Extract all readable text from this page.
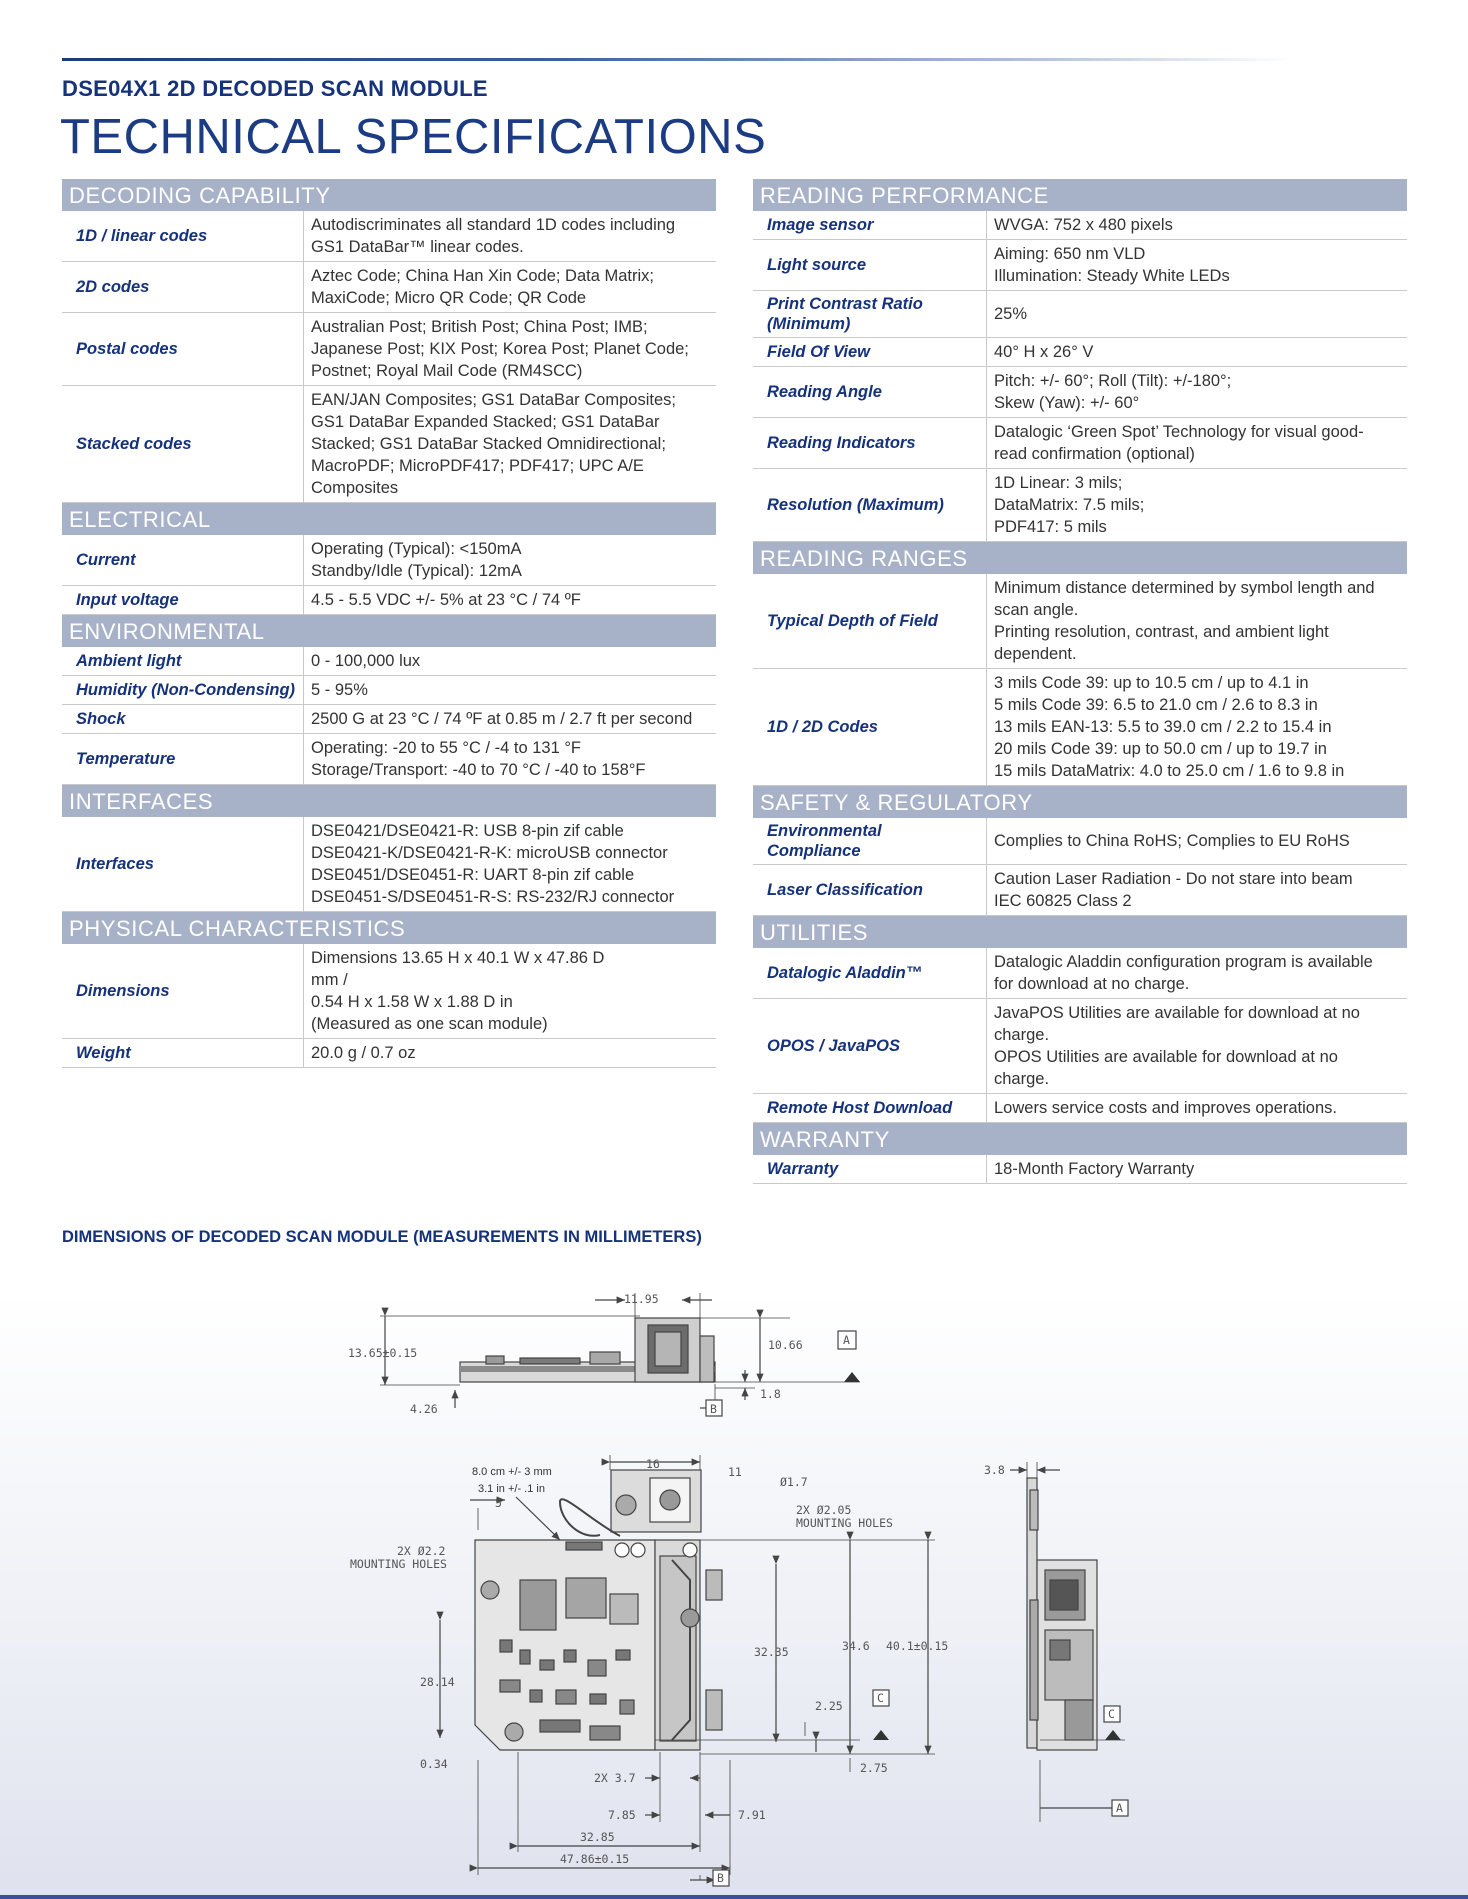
DSE04X1 2D DECODED SCAN MODULE
TECHNICAL SPECIFICATIONS
DECODING CAPABILITY
1D / linear codes	Autodiscriminates all standard 1D codes including
GS1 DataBar™ linear codes.

2D codes	Aztec Code; China Han Xin Code; Data Matrix;
MaxiCode; Micro QR Code; QR Code

Postal codes	Australian Post; British Post; China Post; IMB;
Japanese Post; KIX Post; Korea Post; Planet Code;
Postnet; Royal Mail Code (RM4SCC)

Stacked codes	EAN/JAN Composites; GS1 DataBar Composites;
GS1 DataBar Expanded Stacked; GS1 DataBar
Stacked; GS1 DataBar Stacked Omnidirectional;
MacroPDF; MicroPDF417; PDF417; UPC A/E
Composites
ELECTRICAL
Current	Operating (Typical): <150mA
Standby/Idle (Typical): 12mA

Input voltage	4.5 - 5.5 VDC +/- 5% at 23 °C / 74 ºF
ENVIRONMENTAL
Ambient light	0 - 100,000 lux

Humidity (Non-Condensing)	5 - 95%

Shock	2500 G at 23 °C / 74 ºF at 0.85 m / 2.7 ft per second

Temperature	Operating: -20 to 55 °C / -4 to 131 °F
Storage/Transport: -40 to 70 °C / -40 to 158°F
INTERFACES
Interfaces	
DSE0421/DSE0421-R: USB 8-pin zif cable
DSE0421-K/DSE0421-R-K: microUSB connector
DSE0451/DSE0451-R: UART 8-pin zif cable
DSE0451-S/DSE0451-R-S: RS-232/RJ connector
PHYSICAL CHARACTERISTICS
Dimensions	Dimensions 13.65 H x 40.1 W x 47.86 D
mm /
0.54 H x 1.58 W x 1.88 D in
(Measured as one scan module)

Weight	20.0 g / 0.7 oz
READING PERFORMANCE
Image sensor	WVGA: 752 x 480 pixels

Light source	Aiming: 650 nm VLD
Illumination: Steady White LEDs

Print Contrast Ratio (Minimum)	25%

Field Of View	40° H x 26° V

Reading Angle	Pitch: +/- 60°; Roll (Tilt): +/-180°;
Skew (Yaw): +/- 60°

Reading Indicators	Datalogic ‘Green Spot’ Technology for visual good-
read confirmation (optional)

Resolution (Maximum)	1D Linear: 3 mils;
DataMatrix: 7.5 mils;
PDF417: 5 mils
READING RANGES
Typical Depth of Field	Minimum distance determined by symbol length and
scan angle.
Printing resolution, contrast, and ambient light
dependent.

1D / 2D Codes	3 mils Code 39: up to 10.5 cm / up to 4.1 in
5 mils Code 39: 6.5 to 21.0 cm / 2.6 to 8.3 in
13 mils EAN-13: 5.5 to 39.0 cm / 2.2 to 15.4 in
20 mils Code 39: up to 50.0 cm / up to 19.7 in
15 mils DataMatrix: 4.0 to 25.0 cm / 1.6 to 9.8 in
SAFETY & REGULATORY
Environmental Compliance	Complies to China RoHS; Complies to EU RoHS

Laser Classification	Caution Laser Radiation - Do not stare into beam
IEC 60825 Class 2
UTILITIES
Datalogic Aladdin™	Datalogic Aladdin configuration program is available
for download at no charge.

OPOS / JavaPOS	JavaPOS Utilities are available for download at no
charge.
OPOS Utilities are available for download at no
charge.

Remote Host Download	Lowers service costs and improves operations.
WARRANTY
Warranty	18-Month Factory Warranty
DIMENSIONS OF DECODED SCAN MODULE (MEASUREMENTS IN MILLIMETERS)
11.95
13.65±0.15
10.66
1.8
4.26
A
B
8.0 cm +/- 3 mm
3.1 in +/- .1 in
5
16
11
Ø1.7
2X Ø2.05
MOUNTING HOLES
2X Ø2.2
MOUNTING HOLES
28.14
32.35	34.6 40.1±0.15
2.25
0.34	2.75
2X 3.7
7.85	7.91
32.85
47.86±0.15
C
B
3.8
C
A
